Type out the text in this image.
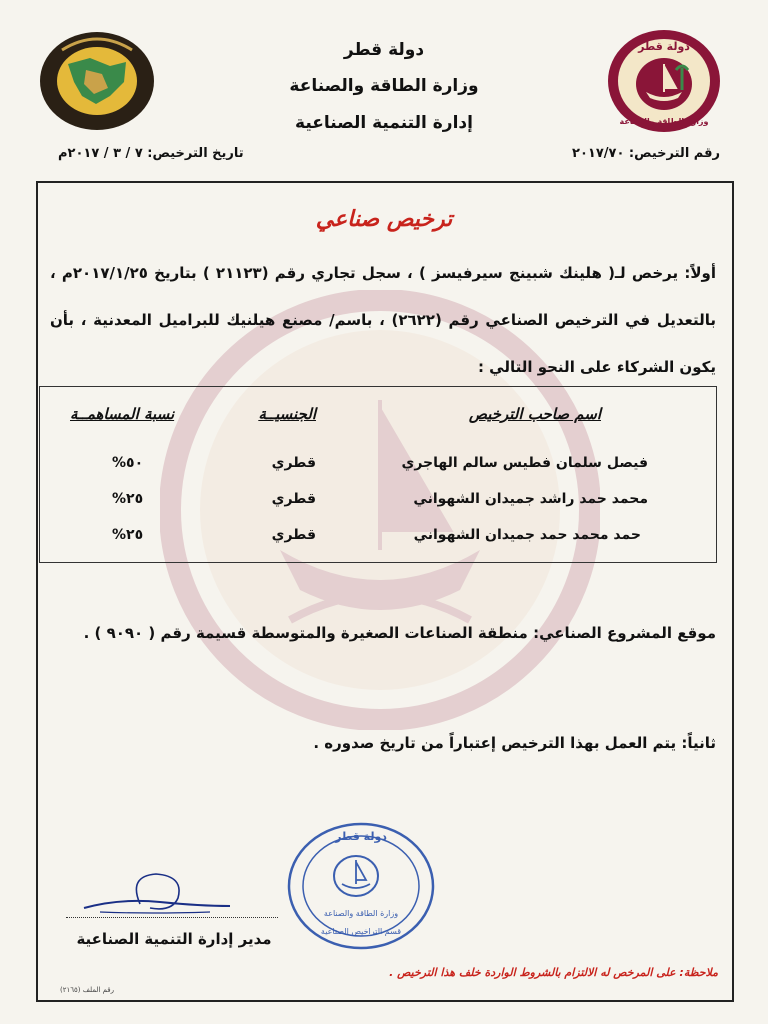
دولة قطر
وزارة الطاقة والصناعة
دولة قطر
وزارة الطاقة والصناعة
إدارة التنمية الصناعية
رقم الترخيص: ٢٠١٧/٧٠
تاريخ الترخيص: ٧ / ٣ / ٢٠١٧م
ترخيص صناعي
أولاً: يرخص لـ( هلينك شبينج سيرفيسز ) ، سجل تجاري رقم (٢١١٢٣ ) بتاريخ ٢٠١٧/١/٢٥م ، بالتعديل في الترخيص الصناعي رقم (٢٦٢٢) ، باسم/ مصنع هيلنيك للبراميل المعدنية ، بأن يكون الشركاء على النحو التالي :
اسم صاحب الترخيص
الجنسيــة
نسبة المساهمــة
فيصل سلمان فطيس سالم الهاجري
قطري
٥٠%
محمد حمد راشد جميدان الشهواني
قطري
٢٥%
حمد محمد حمد جميدان الشهواني
قطري
٢٥%
موقع المشروع الصناعي: منطقة الصناعات الصغيرة والمتوسطة قسيمة رقم ( ٩٠٩٠ ) .
ثانياً: يتم العمل بهذا الترخيص إعتباراً من تاريخ صدوره .
دولة قطر
وزارة الطاقة والصناعة
قسم التراخيص الصناعية
مدير إدارة التنمية الصناعية
ملاحظة: على المرخص له الالتزام بالشروط الواردة خلف هذا الترخيص .
رقم الملف (٢١٦٥)
